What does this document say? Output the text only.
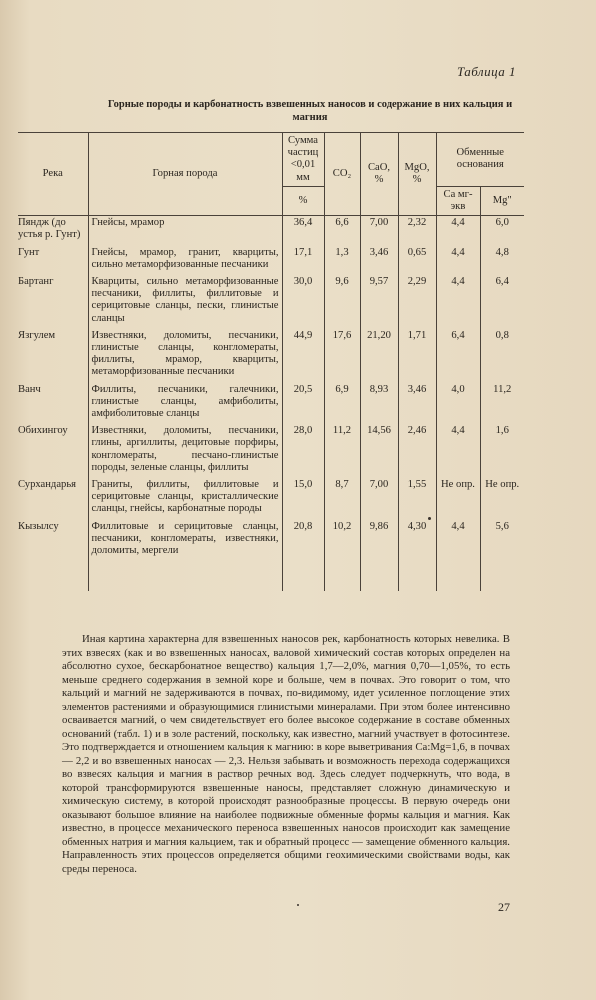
Таблица 1
Горные породы и карбонатность взвешенных наносов и содержание в них кальция и магния
Река	Горная порода	Сумма частиц <0,01 мм	CO₂	CaO, %	MgO, %	Обменные основания	
		%				Ca мг-экв	Mg"
Пяндж (до устья р. Гунт)	Гнейсы, мрамор	36,4	6,6	7,00	2,32	4,4	6,0
Гунт	Гнейсы, мрамор, гранит, кварциты, сильно метаморфизованные песчаники	17,1	1,3	3,46	0,65	4,4	4,8
Бартанг	Кварциты, сильно метаморфизованные песчаники, филлиты, филлитовые и серицитовые сланцы, пески, глинистые сланцы	30,0	9,6	9,57	2,29	4,4	6,4
Язгулем	Известняки, доломиты, песчаники, глинистые сланцы, конгломераты, филлиты, мрамор, кварциты, метаморфизованные песчаники	44,9	17,6	21,20	1,71	6,4	0,8
Ванч	Филлиты, песчаники, галечники, глинистые сланцы, амфиболиты, амфиболитовые сланцы	20,5	6,9	8,93	3,46	4,0	11,2
Обихингоу	Известняки, доломиты, песчаники, глины, аргиллиты, децитовые порфиры, конгломераты, песчано-глинистые породы, зеленые сланцы, филлиты	28,0	11,2	14,56	2,46	4,4	1,6
Сурхандарья	Граниты, филлиты, филлитовые и серицитовые сланцы, кристаллические сланцы, гнейсы, карбонатные породы	15,0	8,7	7,00	1,55	Не опр.	Не опр.
Кызылсу	Филлитовые и серицитовые сланцы, песчаники, конгломераты, известняки, доломиты, мергели	20,8	10,2	9,86	4,30	4,4	5,6
Иная картина характерна для взвешенных наносов рек, карбонатность которых невелика. В этих взвесях (как и во взвешенных наносах, валовой химический состав которых определен на абсолютно сухое, бескарбонатное вещество) кальция 1,7—2,0%, магния 0,70—1,05%, то есть меньше среднего содержания в земной коре и больше, чем в почвах. Это говорит о том, что кальций и магний не задерживаются в почвах, по-видимому, идет усиленное поглощение этих элементов растениями и образующимися глинистыми минералами. При этом более интенсивно осваивается магний, о чем свидетельствует его более высокое содержание в составе обменных оснований (табл. 1) и в золе растений, поскольку, как известно, магний участвует в фотосинтезе. Это подтверждается и отношением кальция к магнию: в коре выветривания Ca:Mg=1,6, в почвах — 2,2 и во взвешенных наносах — 2,3. Нельзя забывать и возможность перехода содержащихся во взвесях кальция и магния в раствор речных вод. Здесь следует подчеркнуть, что вода, в которой трансформируются взвешенные наносы, представляет сложную динамическую и химическую систему, в которой происходят разнообразные процессы. В первую очередь они оказывают большое влияние на наиболее подвижные обменные формы кальция и магния. Как известно, в процессе механического переноса взвешенных наносов происходит как замещение обменных натрия и магния кальцием, так и обратный процесс — замещение обменного кальция. Направленность этих процессов определяется общими геохимическими свойствами воды, как среды переноса.
27
